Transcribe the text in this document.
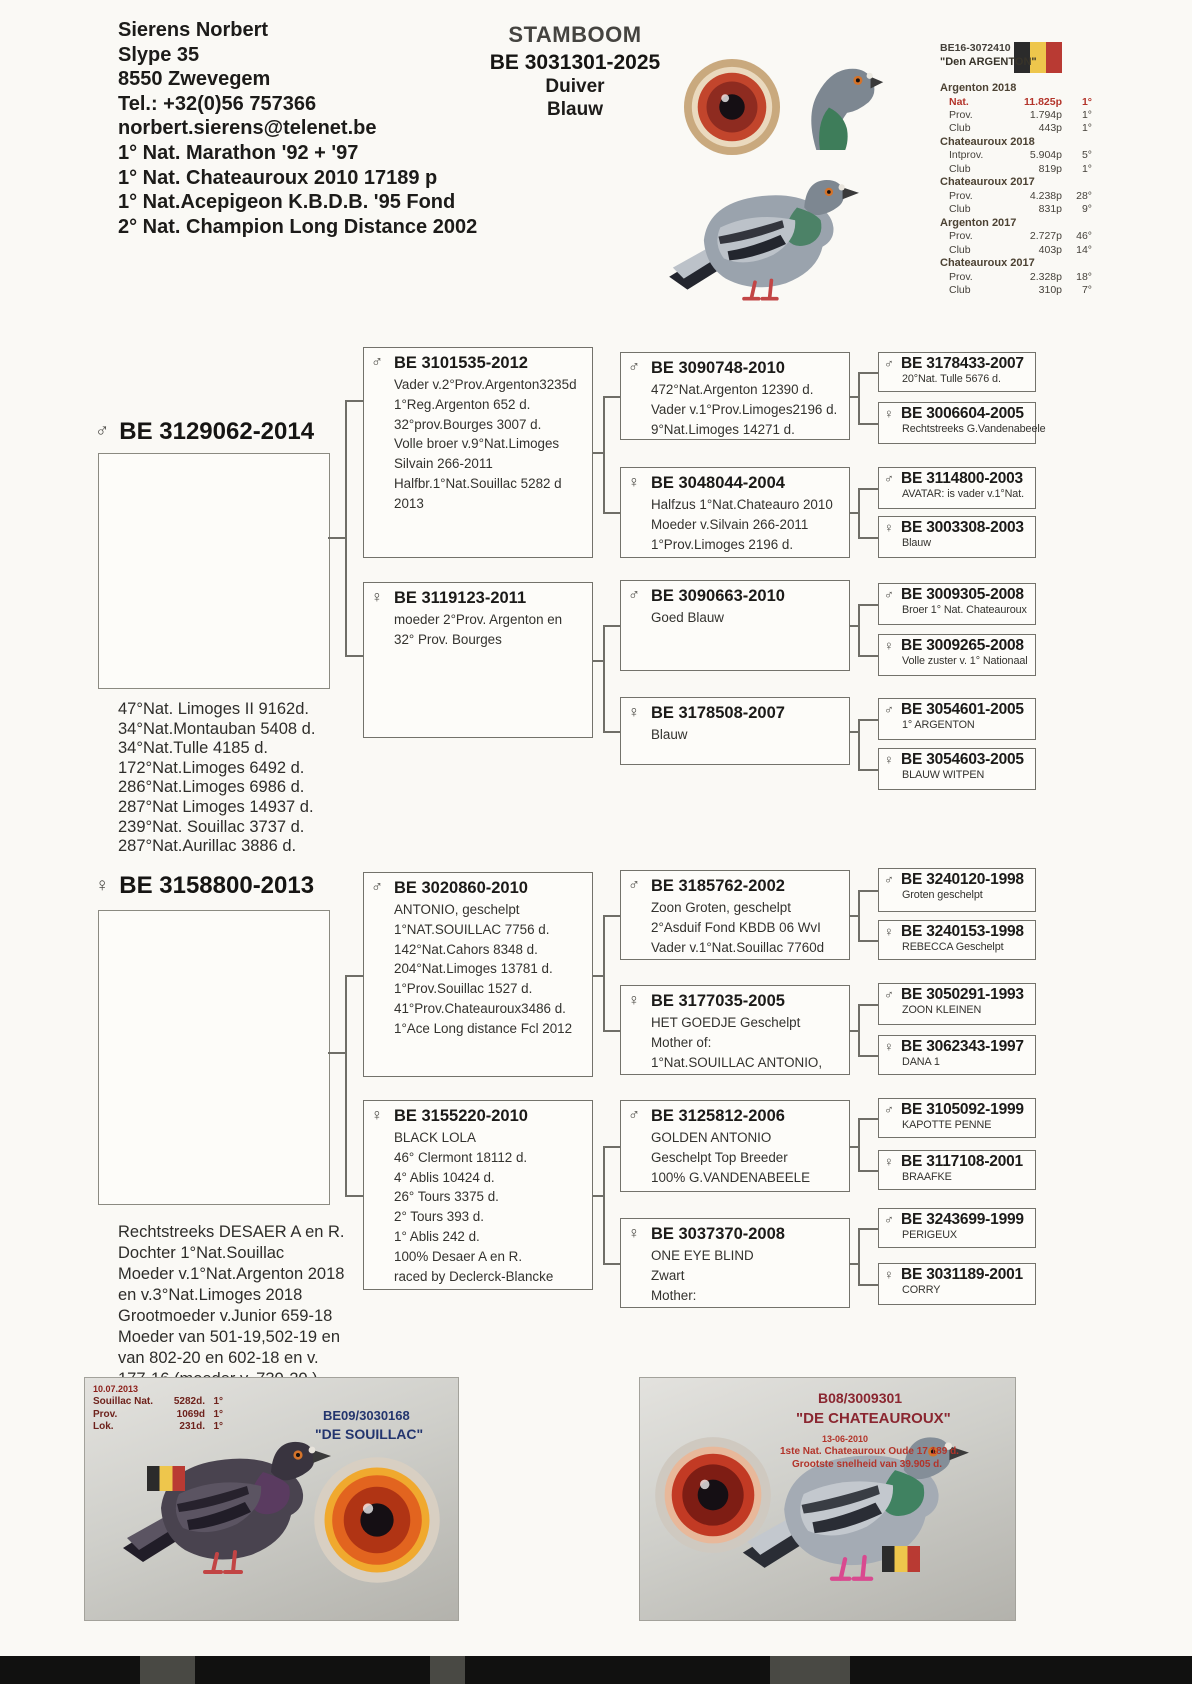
Sierens Norbert
Slype 35
8550 Zwevegem
Tel.: +32(0)56 757366
norbert.sierens@telenet.be
1° Nat. Marathon '92 + '97
1° Nat. Chateauroux 2010 17189 p
1° Nat.Acepigeon K.B.D.B. '95 Fond
2° Nat. Champion Long Distance 2002
STAMBOOM
BE 3031301-2025
Duiver
Blauw
BE16-3072410
"Den ARGENTON"
Argenton 2018
Nat.	11.825p	1°
Prov.	1.794p	1°
Club	443p	1°
Chateauroux 2018
Intprov.	5.904p	5°
Club	819p	1°
Chateauroux 2017
Prov.	4.238p	28°
Club	831p	9°
Argenton 2017
Prov.	2.727p	46°
Club	403p	14°
Chateauroux 2017
Prov.	2.328p	18°
Club	310p	7°
♂ BE 3129062-2014
47°Nat. Limoges II 9162d.
34°Nat.Montauban 5408 d.
34°Nat.Tulle 4185 d.
172°Nat.Limoges 6492 d.
286°Nat.Limoges 6986 d.
287°Nat Limoges 14937 d.
239°Nat. Souillac 3737 d.
287°Nat.Aurillac 3886 d.
♀ BE 3158800-2013
Rechtstreeks DESAER A en R.
Dochter 1°Nat.Souillac
Moeder v.1°Nat.Argenton 2018
en v.3°Nat.Limoges 2018
Grootmoeder v.Junior 659-18
Moeder van 501-19,502-19 en
van 802-20 en 602-18 en v.
♂ BE 3101535-2012
Vader v.2°Prov.Argenton3235d
1°Reg.Argenton 652 d.
32°prov.Bourges 3007 d.
Volle broer v.9°Nat.Limoges
Silvain 266-2011
Halfbr.1°Nat.Souillac 5282 d
2013
♀ BE 3119123-2011
moeder 2°Prov. Argenton en
32° Prov. Bourges
♂ BE 3090748-2010
472°Nat.Argenton 12390 d.
Vader v.1°Prov.Limoges2196 d.
9°Nat.Limoges 14271 d.
♀ BE 3048044-2004
Halfzus 1°Nat.Chateauro 2010
Moeder v.Silvain 266-2011
1°Prov.Limoges 2196 d.
♂ BE 3090663-2010
Goed Blauw
♀ BE 3178508-2007
Blauw
♂ BE 3178433-2007
20°Nat. Tulle 5676 d.
♀ BE 3006604-2005
Rechtstreeks G.Vandenabeele
♂ BE 3114800-2003
AVATAR: is vader v.1°Nat.
♀ BE 3003308-2003
Blauw
♂ BE 3009305-2008
Broer 1° Nat. Chateauroux
♀ BE 3009265-2008
Volle zuster v. 1° Nationaal
♂ BE 3054601-2005
1° ARGENTON
♀ BE 3054603-2005
BLAUW WITPEN
♂ BE 3020860-2010
ANTONIO, geschelpt
1°NAT.SOUILLAC 7756 d.
142°Nat.Cahors 8348 d.
204°Nat.Limoges 13781 d.
1°Prov.Souillac 1527 d.
41°Prov.Chateauroux3486 d.
1°Ace Long distance Fcl 2012
♀ BE 3155220-2010
BLACK LOLA
46° Clermont 18112 d.
4° Ablis 10424 d.
26° Tours 3375 d.
2° Tours 393 d.
1° Ablis 242 d.
100% Desaer A en R.
raced by Declerck-Blancke
♂ BE 3185762-2002
Zoon Groten, geschelpt
2°Asduif Fond KBDB 06 WvI
Vader v.1°Nat.Souillac 7760d
♀ BE 3177035-2005
HET GOEDJE Geschelpt
Mother of:
1°Nat.SOUILLAC ANTONIO,
♂ BE 3125812-2006
GOLDEN ANTONIO
Geschelpt Top Breeder
100% G.VANDENABEELE
♀ BE 3037370-2008
ONE EYE BLIND
Zwart
Mother:
♂ BE 3240120-1998
Groten geschelpt
♀ BE 3240153-1998
REBECCA Geschelpt
♂ BE 3050291-1993
ZOON KLEINEN
♀ BE 3062343-1997
DANA 1
♂ BE 3105092-1999
KAPOTTE PENNE
♀ BE 3117108-2001
BRAAFKE
♂ BE 3243699-1999
PERIGEUX
♀ BE 3031189-2001
CORRY
10.07.2013
Souillac Nat.	5282d. 1°
Prov.	1069d 1°
Lok.	231d. 1°
BE09/3030168
"DE SOUILLAC"
B08/3009301
"DE CHATEAUROUX"
13-06-2010
1ste Nat. Chateauroux Oude 17 189 d.
Grootste snelheid van 39.905 d.
